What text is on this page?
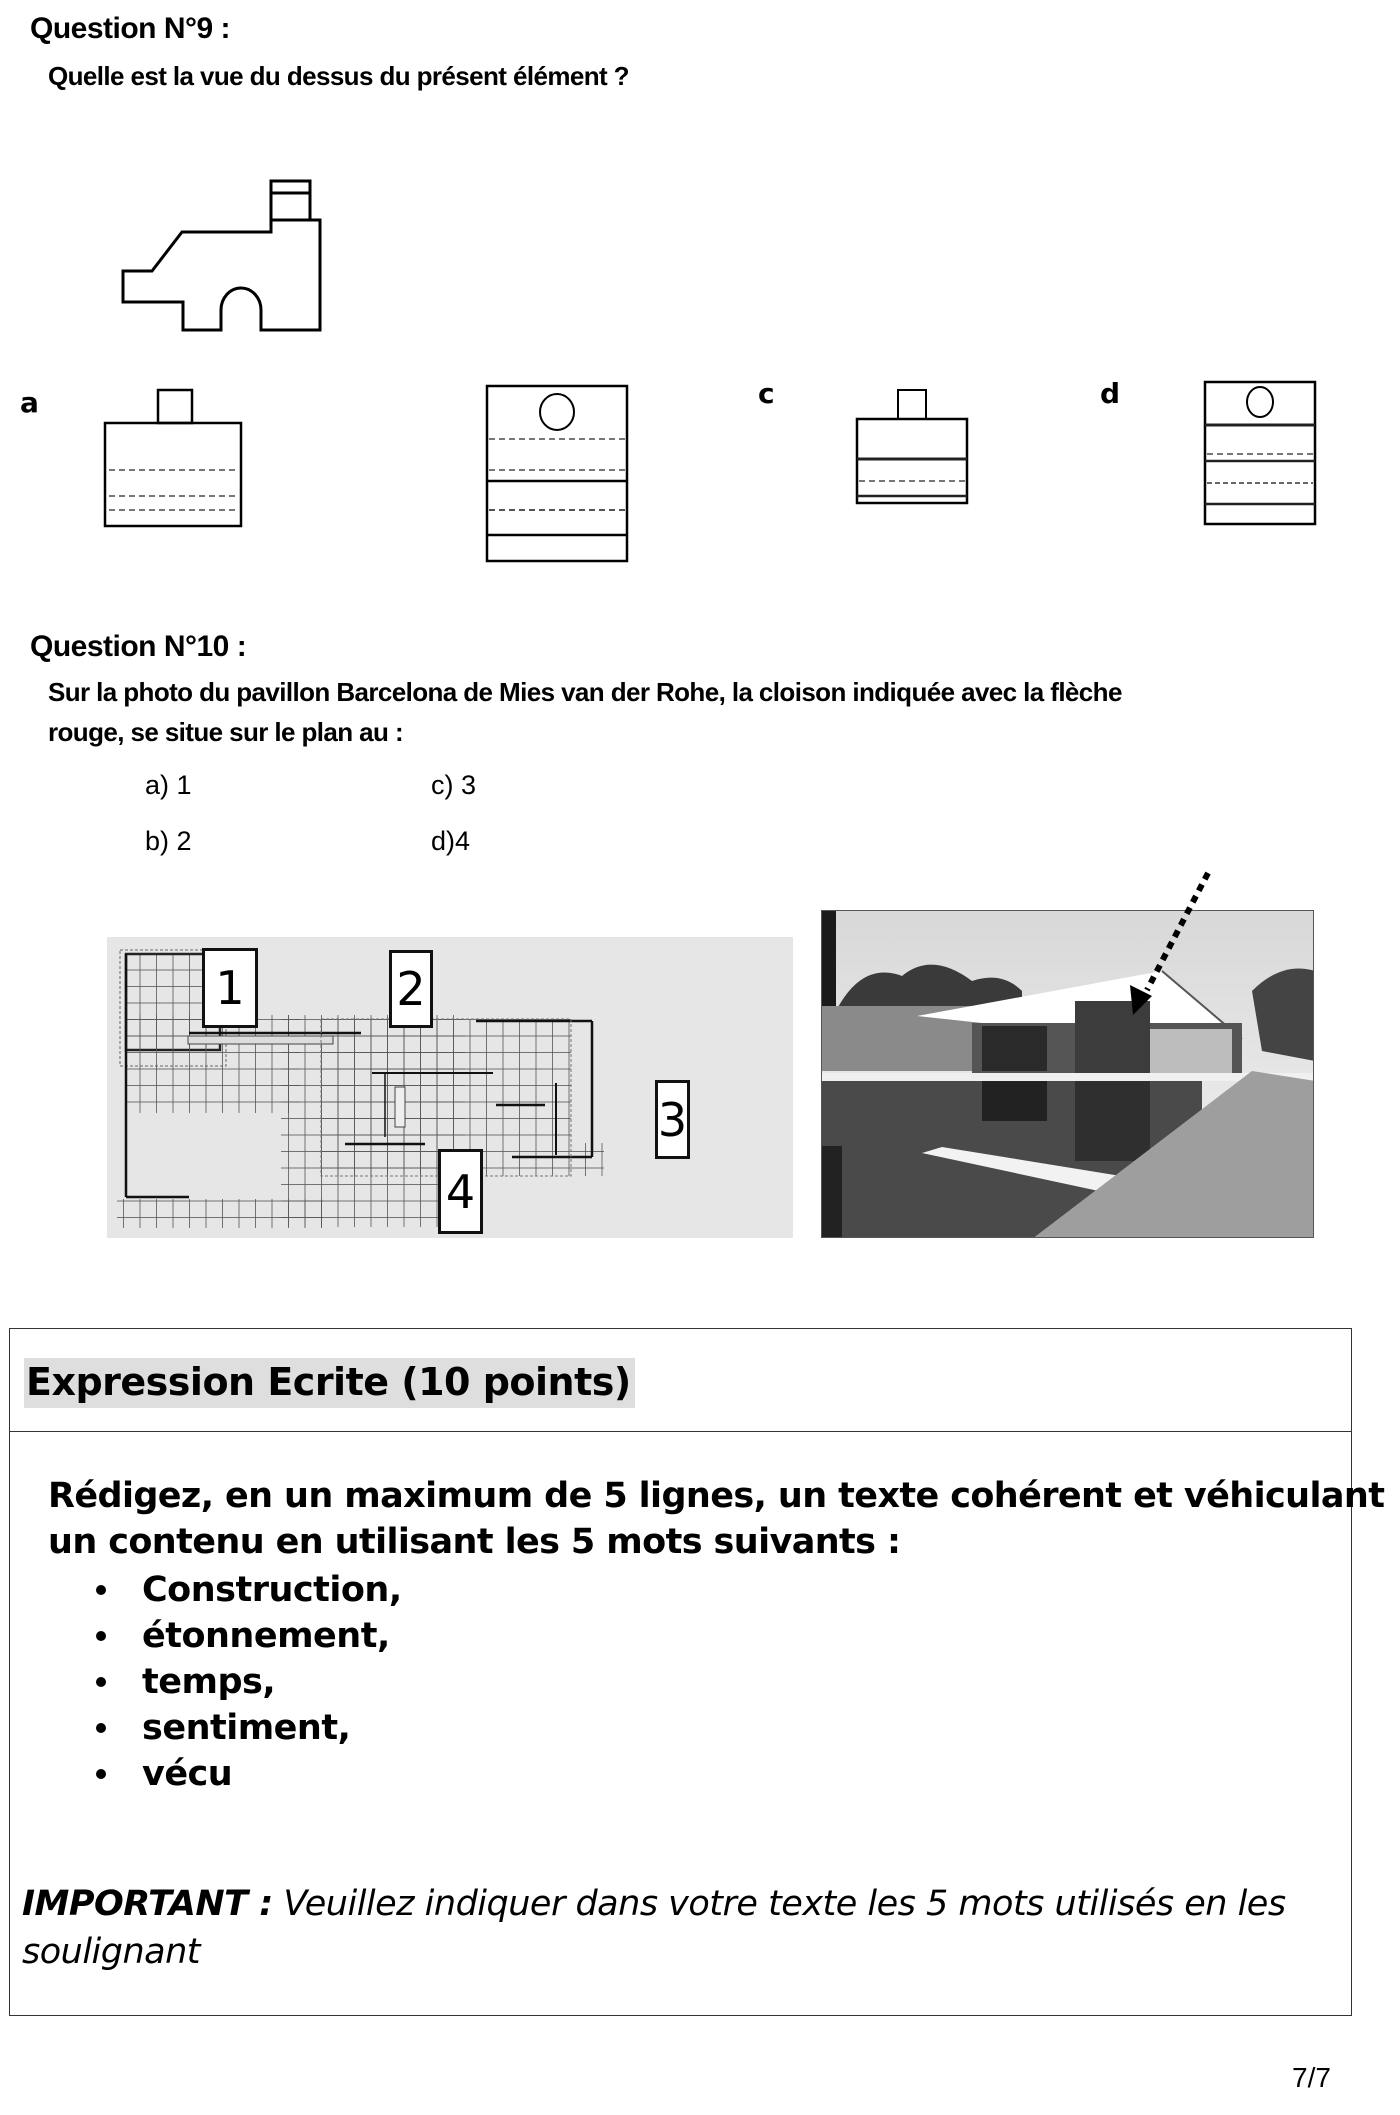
Question N°9 :
Quelle est la vue du dessus du présent élément ?
a	c	d
Question N°10 :
Sur la photo du pavillon Barcelona de Mies van der Rohe, la cloison indiquée avec la flèche
rouge, se situe sur le plan au :
a) 1	c) 3
b) 2	d)4
1	2
3
4
Expression Ecrite (10 points)
Rédigez, en un maximum de 5 lignes, un texte cohérent et véhiculant
un contenu en utilisant les 5 mots suivants :
Construction,
étonnement,
temps,
sentiment,
vécu
IMPORTANT : Veuillez indiquer dans votre texte les 5 mots utilisés en les
soulignant
7/7
